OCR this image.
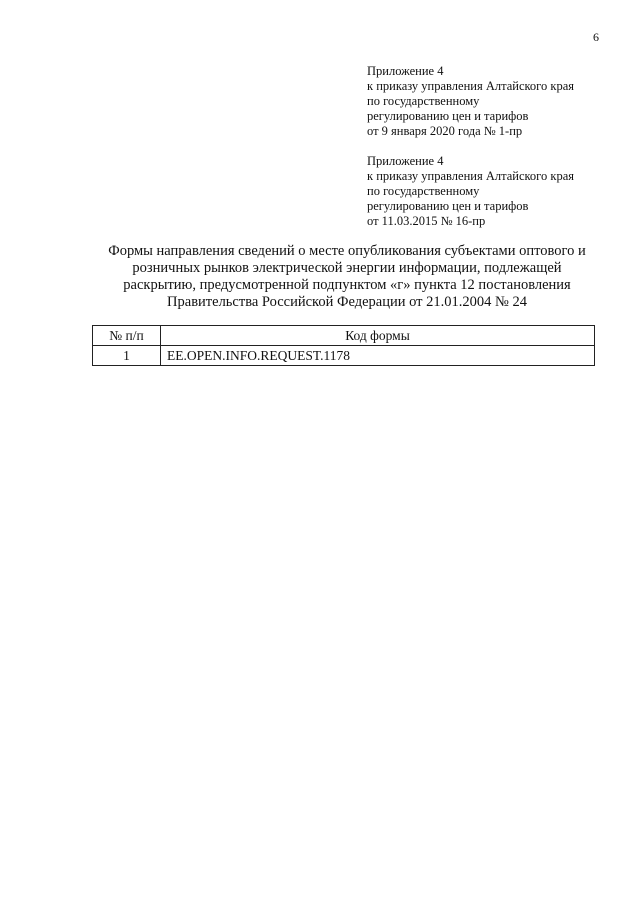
6
Приложение 4
к приказу управления Алтайского края
по государственному
регулированию цен и тарифов
от 9 января 2020 года № 1-пр
Приложение 4
к приказу управления Алтайского края
по государственному
регулированию цен и тарифов
от 11.03.2015 № 16-пр
Формы направления сведений о месте опубликования субъектами оптового и
розничных рынков электрической энергии информации, подлежащей
раскрытию, предусмотренной подпунктом «г» пункта 12 постановления
Правительства Российской Федерации от 21.01.2004 № 24
№ п/п	Код формы
1	EE.OPEN.INFO.REQUEST.1178
